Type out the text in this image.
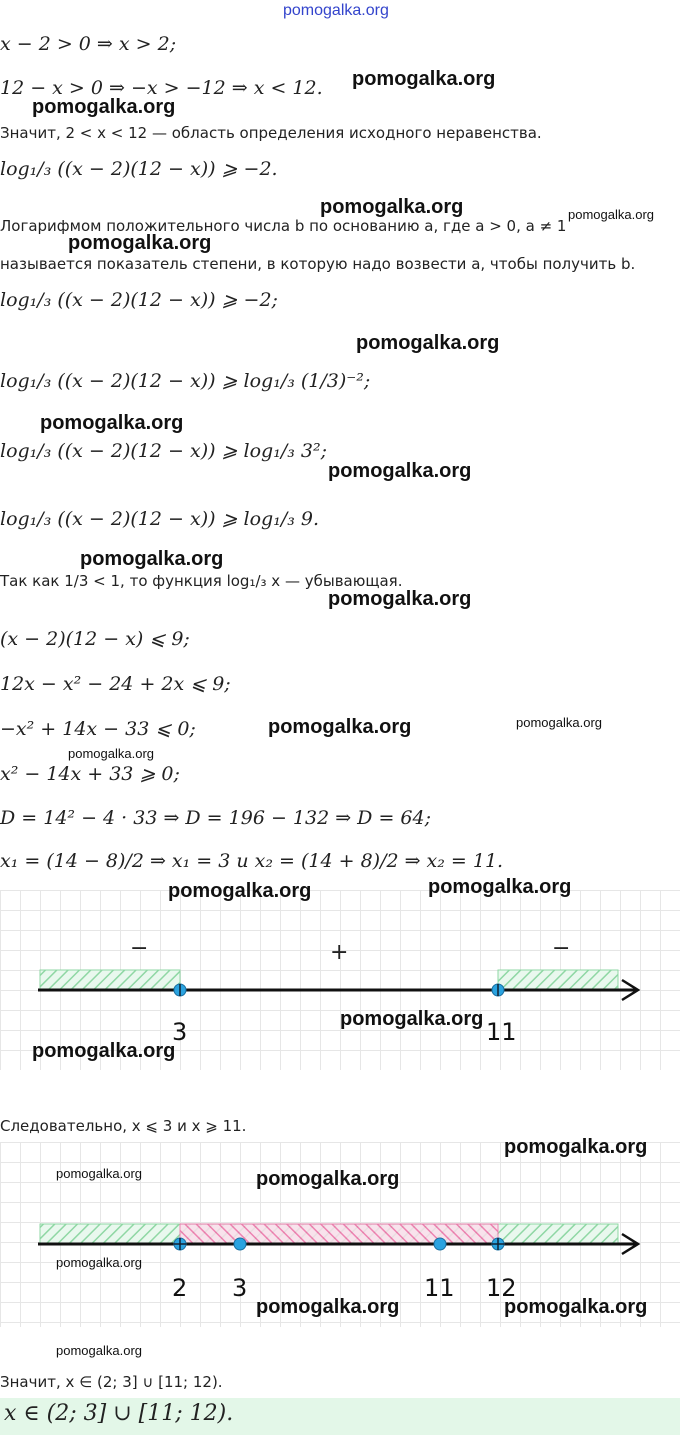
pomogalka.org
x − 2 > 0 ⇒ x > 2;
12 − x > 0 ⇒ −x > −12 ⇒ x < 12.
Значит, 2 < x < 12 — область определения исходного неравенства.
log₁/₃ ((x − 2)(12 − x)) ⩾ −2.
Логарифмом положительного числа b по основанию a, где a > 0, a ≠ 1
называется показатель степени, в которую надо возвести a, чтобы получить b.
log₁/₃ ((x − 2)(12 − x)) ⩾ −2;
log₁/₃ ((x − 2)(12 − x)) ⩾ log₁/₃ (1/3)⁻²;
log₁/₃ ((x − 2)(12 − x)) ⩾ log₁/₃ 3²;
log₁/₃ ((x − 2)(12 − x)) ⩾ log₁/₃ 9.
Так как 1/3 < 1, то функция log₁/₃ x — убывающая.
(x − 2)(12 − x) ⩽ 9;
12x − x² − 24 + 2x ⩽ 9;
−x² + 14x − 33 ⩽ 0;
x² − 14x + 33 ⩾ 0;
D = 14² − 4 · 33 ⇒ D = 196 − 132 ⇒ D = 64;
x₁ = (14 − 8)/2 ⇒ x₁ = 3 и x₂ = (14 + 8)/2 ⇒ x₂ = 11.
−	+	−
3	11
Следовательно, x ⩽ 3 и x ⩾ 11.
2 3	11 12
Значит, x ∈ (2; 3] ∪ [11; 12).
x ∈ (2; 3] ∪ [11; 12).
pomogalka.org
pomogalka.org
pomogalka.org	pomogalka.org
pomogalka.org
pomogalka.org
pomogalka.org
pomogalka.org
pomogalka.org
pomogalka.org
pomogalka.org	pomogalka.org
pomogalka.org
pomogalka.org	pomogalka.org
pomogalka.org
pomogalka.org
pomogalka.org
pomogalka.org	pomogalka.org
pomogalka.org
pomogalka.org	pomogalka.org
pomogalka.org
